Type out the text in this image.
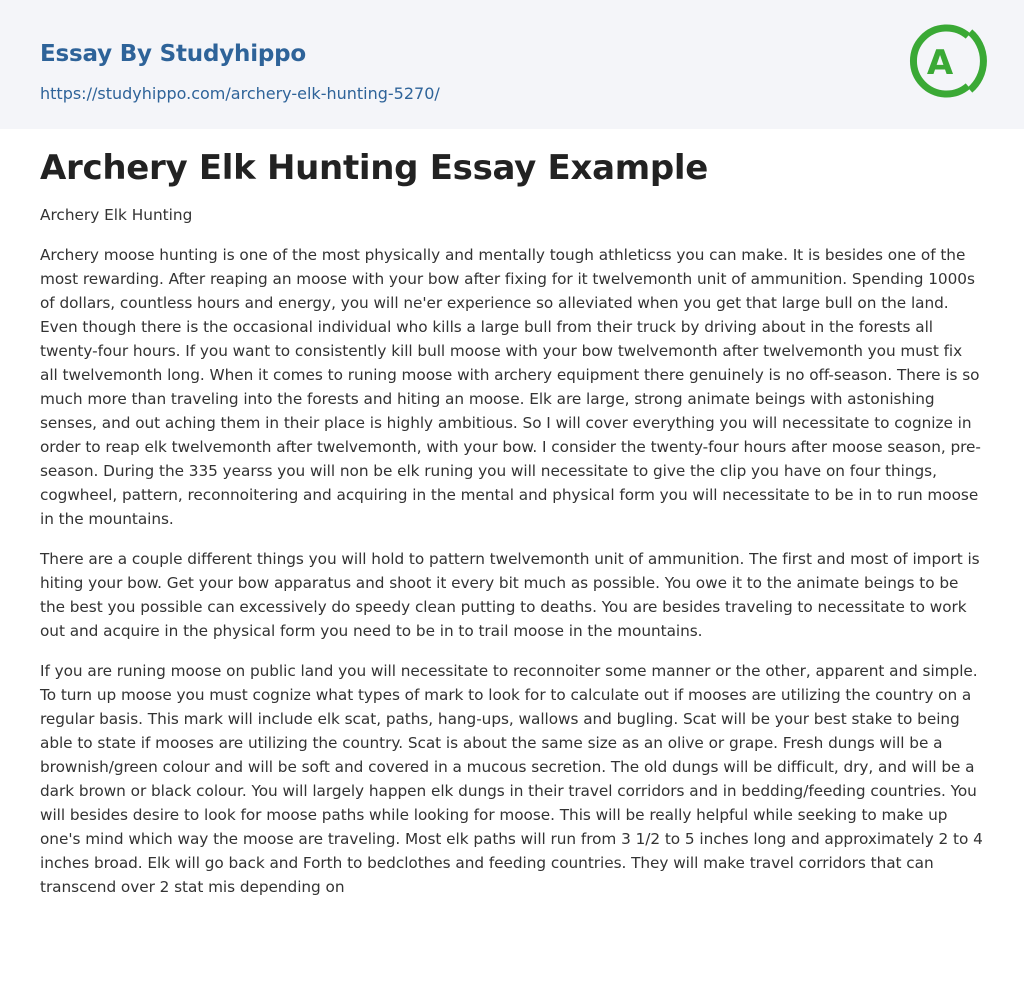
Essay By Studyhippo
https://studyhippo.com/archery-elk-hunting-5270/
A
Archery Elk Hunting Essay Example

Archery Elk Hunting

Archery moose hunting is one of the most physically and mentally tough athleticss you can make. It is besides one of the most rewarding. After reaping an moose with your bow after fixing for it twelvemonth unit of ammunition. Spending 1000s of dollars, countless hours and energy, you will ne'er experience so alleviated when you get that large bull on the land. Even though there is the occasional individual who kills a large bull from their truck by driving about in the forests all twenty-four hours. If you want to consistently kill bull moose with your bow twelvemonth after twelvemonth you must fix all twelvemonth long. When it comes to runing moose with archery equipment there genuinely is no off-season. There is so much more than traveling into the forests and hiting an moose. Elk are large, strong animate beings with astonishing senses, and out aching them in their place is highly ambitious. So I will cover everything you will necessitate to cognize in order to reap elk twelvemonth after twelvemonth, with your bow. I consider the twenty-four hours after moose season, pre-season. During the 335 yearss you will non be elk runing you will necessitate to give the clip you have on four things, cogwheel, pattern, reconnoitering and acquiring in the mental and physical form you will necessitate to be in to run moose in the mountains.

There are a couple different things you will hold to pattern twelvemonth unit of ammunition. The first and most of import is hiting your bow. Get your bow apparatus and shoot it every bit much as possible. You owe it to the animate beings to be the best you possible can excessively do speedy clean putting to deaths. You are besides traveling to necessitate to work out and acquire in the physical form you need to be in to trail moose in the mountains.

If you are runing moose on public land you will necessitate to reconnoiter some manner or the other, apparent and simple. To turn up moose you must cognize what types of mark to look for to calculate out if mooses are utilizing the country on a regular basis. This mark will include elk scat, paths, hang-ups, wallows and bugling. Scat will be your best stake to being able to state if mooses are utilizing the country. Scat is about the same size as an olive or grape. Fresh dungs will be a brownish/green colour and will be soft and covered in a mucous secretion. The old dungs will be difficult, dry, and will be a dark brown or black colour. You will largely happen elk dungs in their travel corridors and in bedding/feeding countries. You will besides desire to look for moose paths while looking for moose. This will be really helpful while seeking to make up one's mind which way the moose are traveling. Most elk paths will run from 3 1/2 to 5 inches long and approximately 2 to 4 inches broad. Elk will go back and Forth to bedclothes and feeding countries. They will make travel corridors that can transcend over 2 stat mis depending on
